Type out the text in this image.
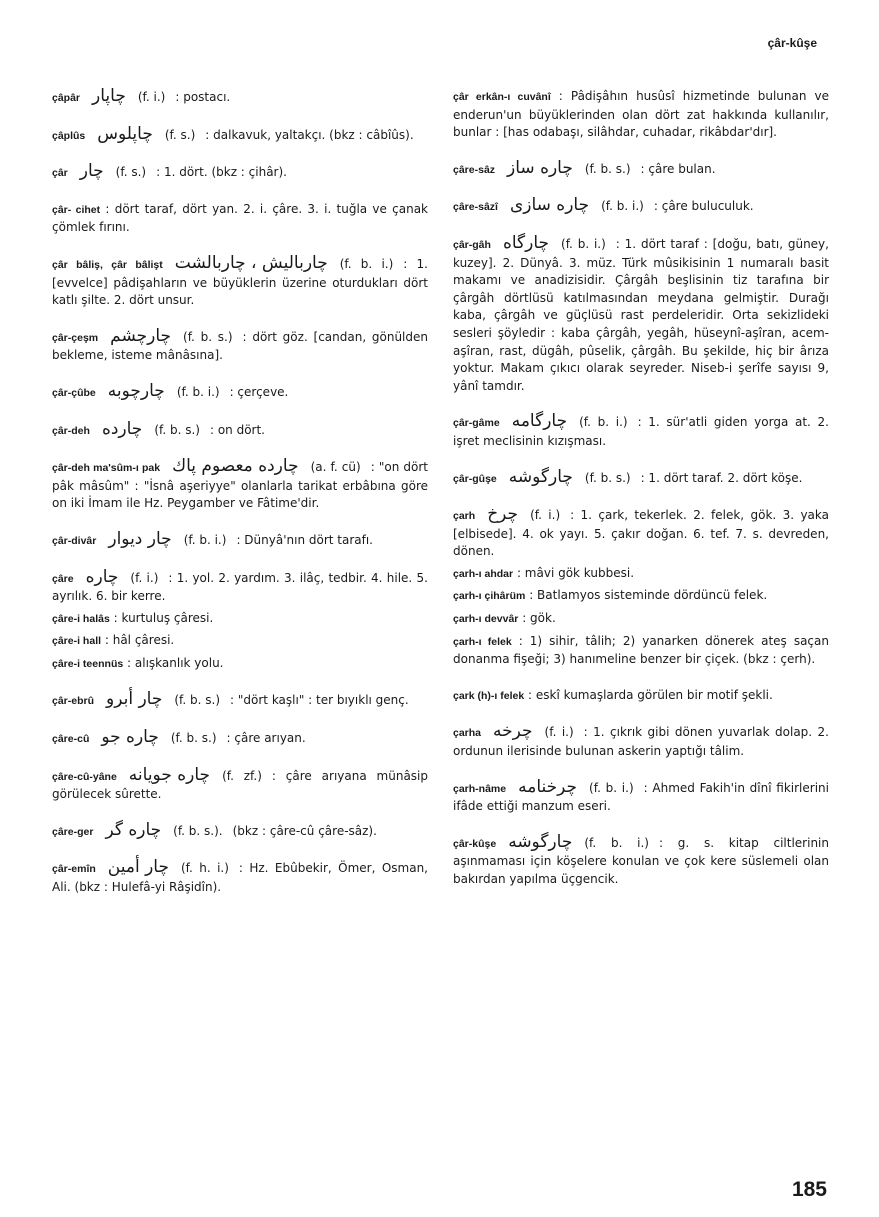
çâr-kûşe
çâpâr چاپار (f. i.) : postacı.
çâplûs چاپلوس (f. s.) : dalkavuk, yaltakçı. (bkz : câbîûs).
çâr چار (f. s.) : 1. dört. (bkz : çihâr).
çâr- cihet : dört taraf, dört yan. 2. i. çâre. 3. i. tuğla ve çanak çömlek fırını.
çâr bâliş, çâr bâlişt چارباليش ، چاربالشت (f. b. i.) : 1. [evvelce] pâdişahların ve büyüklerin üzerine oturdukları dört katlı şilte. 2. dört unsur.
çâr-çeşm چارچشم (f. b. s.) : dört göz. [candan, gönülden bekleme, isteme mânâsına].
çâr-çûbe چارچوبه (f. b. i.) : çerçeve.
çâr-deh چارده (f. b. s.) : on dört.
çâr-deh ma'sûm-ı pak چارده معصوم پاك (a. f. cü) : "on dört pâk mâsûm" : "İsnâ aşeriyye" olanlarla tarikat erbâbına göre on iki İmam ile Hz. Peygamber ve Fâtime'dir.
çâr-divâr چار ديوار (f. b. i.) : Dünyâ'nın dört tarafı.
çâre چاره (f. i.) : 1. yol. 2. yardım. 3. ilâç, tedbir. 4. hile. 5. ayrılık. 6. bir kerre.
çâre-i halâs : kurtuluş çâresi.
çâre-i hall : hâl çâresi.
çâre-i teennüs : alışkanlık yolu.
çâr-ebrû چار أبرو (f. b. s.) : "dört kaşlı" : ter bıyıklı genç.
çâre-cû چاره جو (f. b. s.) : çâre arıyan.
çâre-cû-yâne چاره جويانه (f. zf.) : çâre arıyana münâsip görülecek sûrette.
çâre-ger چاره گر (f. b. s.). (bkz : çâre-cû çâre-sâz).
çâr-emîn چار أمين (f. h. i.) : Hz. Ebûbekir, Ömer, Osman, Ali. (bkz : Hulefâ-yi Râşidîn).
çâr erkân-ı cuvânî : Pâdişâhın husûsî hizmetinde bulunan ve enderun'un büyüklerinden olan dört zat hakkında kullanılır, bunlar : [has odabaşı, silâhdar, cuhadar, rikâbdar'dır].
çâre-sâz چاره ساز (f. b. s.) : çâre bulan.
çâre-sâzî چاره سازى (f. b. i.) : çâre buluculuk.
çâr-gâh چارگاه (f. b. i.) : 1. dört taraf : [doğu, batı, güney, kuzey]. 2. Dünyâ. 3. müz. Türk mûsikisinin 1 numaralı basit makamı ve anadizisidir. Çârgâh beşlisinin tiz tarafına bir çârgâh dörtlüsü katılmasından meydana gelmiştir. Durağı kaba, çârgâh ve güçlüsü rast perdeleridir. Orta sekizlideki sesleri şöyledir : kaba çârgâh, yegâh, hüseynî-aşîran, acem-aşîran, rast, dügâh, pûselik, çârgâh. Bu şekilde, hiç bir ârıza yoktur. Makam çıkıcı olarak seyreder. Niseb-i şerîfe sayısı 9, yânî tamdır.
çâr-gâme چارگامه (f. b. i.) : 1. sür'atli giden yorga at. 2. işret meclisinin kızışması.
çâr-gûşe چارگوشه (f. b. s.) : 1. dört taraf. 2. dört köşe.
çarh چرخ (f. i.) : 1. çark, tekerlek. 2. felek, gök. 3. yaka [elbisede]. 4. ok yayı. 5. çakır doğan. 6. tef. 7. s. devreden, dönen.
çarh-ı ahdar : mâvi gök kubbesi.
çarh-ı çihârüm : Batlamyos sisteminde dördüncü felek.
çarh-ı devvâr : gök.
çarh-ı felek : 1) sihir, tâlih; 2) yanarken dönerek ateş saçan donanma fişeği; 3) hanımeline benzer bir çiçek. (bkz : çerh).
çark (h)-ı felek : eskî kumaşlarda görülen bir motif şekli.
çarha چرخه (f. i.) : 1. çıkrık gibi dönen yuvarlak dolap. 2. ordunun ilerisinde bulunan askerin yaptığı tâlim.
çarh-nâme چرخنامه (f. b. i.) : Ahmed Fakih'in dînî fikirlerini ifâde ettiği manzum eseri.
çâr-kûşe چارگوشه (f. b. i.) : g. s. kitap ciltlerinin aşınmaması için köşelere konulan ve çok kere süslemeli olan bakırdan yapılma üçgencik.
185
